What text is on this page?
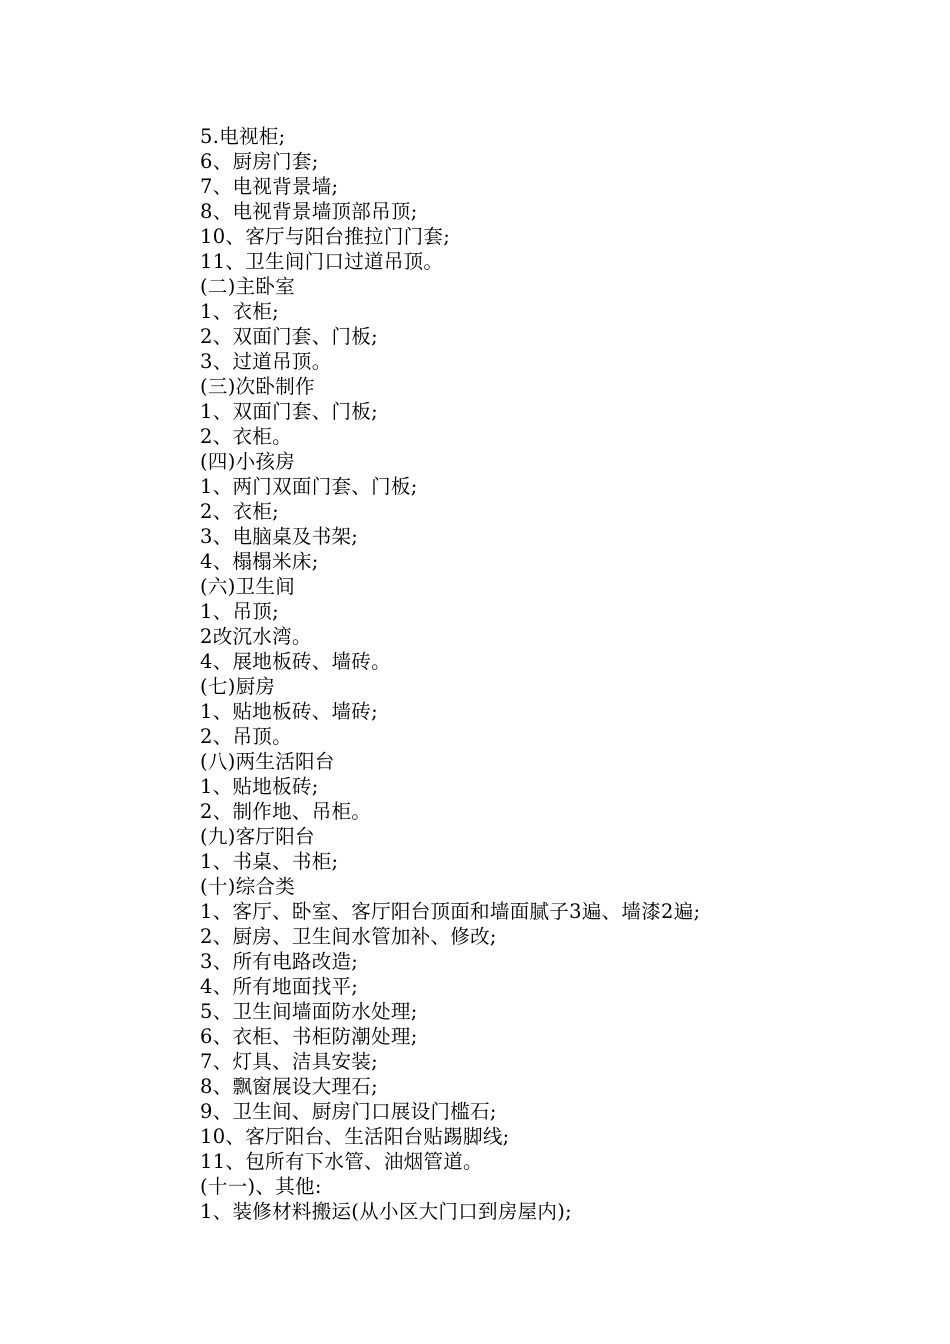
5.电视柜;
6、厨房门套;
7、电视背景墙;
8、电视背景墙顶部吊顶;
10、客厅与阳台推拉门门套;
11、卫生间门口过道吊顶。
(二)主卧室
1、衣柜;
2、双面门套、门板;
3、过道吊顶。
(三)次卧制作
1、双面门套、门板;
2、衣柜。
(四)小孩房
1、两门双面门套、门板;
2、衣柜;
3、电脑桌及书架;
4、榻榻米床;
(六)卫生间
1、吊顶;
2改沉水湾。
4、展地板砖、墙砖。
(七)厨房
1、贴地板砖、墙砖;
2、吊顶。
(八)两生活阳台
1、贴地板砖;
2、制作地、吊柜。
(九)客厅阳台
1、书桌、书柜;
(十)综合类
1、客厅、卧室、客厅阳台顶面和墙面腻子3遍、墙漆2遍;
2、厨房、卫生间水管加补、修改;
3、所有电路改造;
4、所有地面找平;
5、卫生间墙面防水处理;
6、衣柜、书柜防潮处理;
7、灯具、洁具安装;
8、飘窗展设大理石;
9、卫生间、厨房门口展设门槛石;
10、客厅阳台、生活阳台贴踢脚线;
11、包所有下水管、油烟管道。
(十一)、其他:
1、装修材料搬运(从小区大门口到房屋内);
